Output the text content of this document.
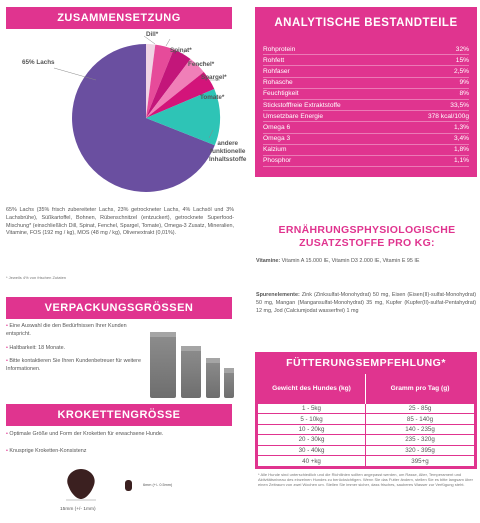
ZUSAMMENSETZUNG
65% Lachs
Dill*
Spinat*
Fenchel*
Spargel*
Tomate*
andere
funktionelle
Inhaltsstoffe

65% Lachs (35% frisch zubereiteter Lachs, 23% getrockneter Lachs, 4% Lachsöl und 3% Lachsbrühe), Süßkartoffel, Bohnen, Rübenschnitzel (entzuckert), getrocknete Superfood-Mischung* (einschließlich Dill, Spinat, Fenchel, Spargel, Tomate), Omega-3 Zusatz, Mineralien, Vitamine, FOS (192 mg / kg), MOS (48 mg / kg), Olivenextrakt (0,01%).

* Jeweils 4% von frischen Zutaten

VERPACKUNGSGRÖSSEN
• Eine Auswahl die den Bedürfnissen Ihrer Kunden entspricht.
• Haltbarkeit: 18 Monate.
• Bitte kontaktieren Sie Ihren Kundenbetreuer für weitere Informationen.
KROKETTENGRÖSSE
• Optimale Größe und Form der Kroketten für erwachsene Hunde.
• Knusprige Kroketten-Konsistenz
15mm (+/- 1mm)
6mm (+/- 0.5mm)
ANALYTISCHE BESTANDTEILE
Rohprotein	32%
Rohfett	15%
Rohfaser	2,5%
Rohasche	9%
Feuchtigkeit	8%
Stickstofffreie Extraktstoffe	33,5%
Umsetzbare Energie	378 kcal/100g
Omega 6	1,3%
Omega 3	3,4%
Kalzium	1,8%
Phosphor	1,1%
ERNÄHRUNGSPHYSIOLOGISCHE
ZUSATZSTOFFE PRO KG:

Vitamine: Vitamin A 15.000 IE, Vitamin D3 2.000 IE, Vitamin E 95 IE

Spurenelemente: Zink (Zinksulfat-Monohydrat) 50 mg, Eisen (Eisen(II)-sulfat-Monohydrat) 50 mg, Mangan (Mangansulfat-Monohydrat) 35 mg, Kupfer (Kupfer(II)-sulfat-Pentahydrat) 12 mg, Jod (Calciumjodat wasserfrei) 1 mg

FÜTTERUNGSEMPFEHLUNG*
Gewicht des Hundes (kg)	Gramm pro Tag (g)
1 - 5kg	25 - 85g
5 - 10kg	85 - 140g
10 - 20kg	140 - 235g
20 - 30kg	235 - 320g
30 - 40kg	320 - 395g
40 +kg	395+g

* Alle Hunde sind unterschiedlich und die Richtlinien sollten angepasst werden, um Rasse, Alter, Temperament und Aktivitätsniveau des einzelnen Hundes zu berücksichtigen. Wenn Sie das Futter ändern, stellen Sie es bitte langsam über einen Zeitraum von zwei Wochen um. Stellen Sie immer sicher, dass frisches, sauberes Wasser zur Verfügung steht.
